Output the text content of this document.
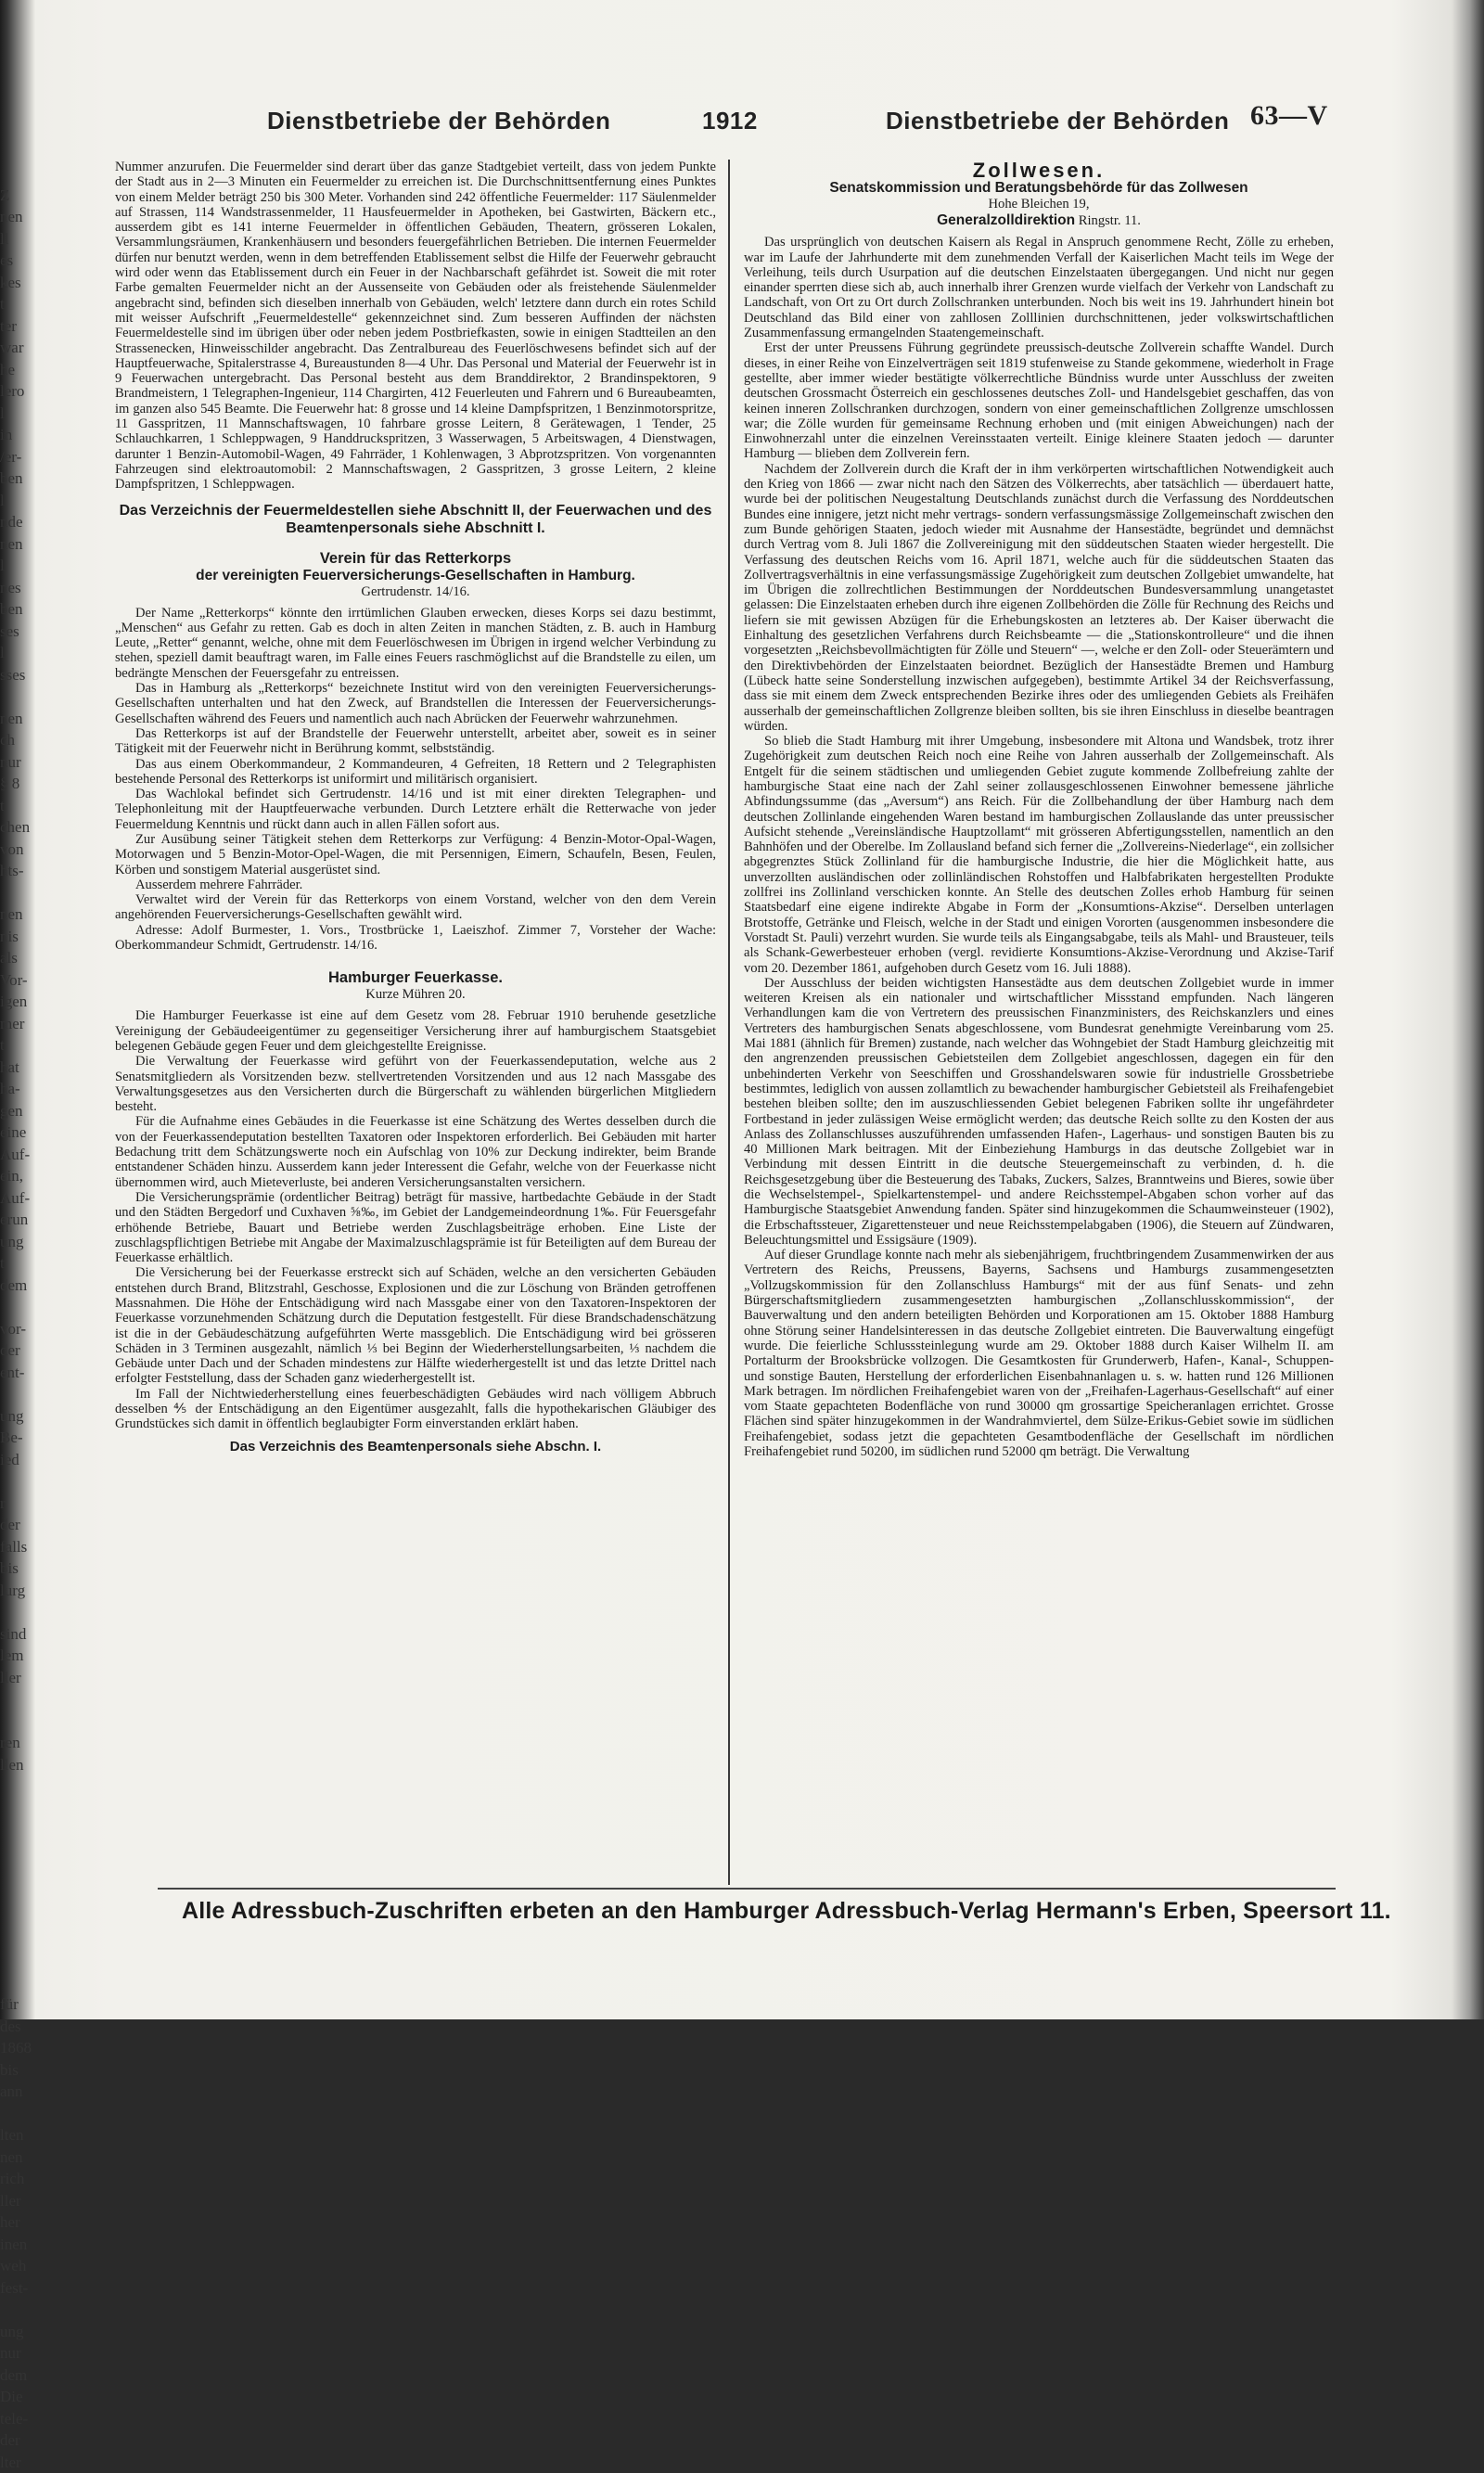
Z
nen
ll
es
kes
t
ter
war
he
lero
l
in
/er-
ben
l
nde
nen
l
nes
ben
ses
l
sses

nen
ch
nur
§ 8
t
chen
von
hts-

nen
nis
als
Vor-
igen
mer
t
hat
ha-
gen
eine
Auf-
ein,
Auf-
erun
ung
t
dem

vor-
der
ent-

ung
Be-
ied

r
der
falls
bis
lurg

sind
lem
ller

ren
llen

für
des
1868
bis
ann

lten
nen
rich
ller
her
inen
weh
fest-

ung
nur
dem
Die
tele-
der
lter
Dienstbetriebe der Behörden	1912	Dienstbetriebe der Behörden 63—V

Nummer anzurufen. Die Feuermelder sind derart über das ganze Stadtgebiet verteilt, dass von jedem Punkte der Stadt aus in 2—3 Minuten ein Feuermelder zu erreichen ist. Die Durchschnittsentfernung eines Punktes von einem Melder beträgt 250 bis 300 Meter. Vorhanden sind 242 öffentliche Feuermelder: 117 Säulenmelder auf Strassen, 114 Wandstrassenmelder, 11 Hausfeuermelder in Apotheken, bei Gastwirten, Bäckern etc., ausserdem gibt es 141 interne Feuermelder in öffentlichen Gebäuden, Theatern, grösseren Lokalen, Versammlungsräumen, Krankenhäusern und besonders feuergefährlichen Betrieben. Die internen Feuermelder dürfen nur benutzt werden, wenn in dem betreffenden Etablissement selbst die Hilfe der Feuerwehr gebraucht wird oder wenn das Etablissement durch ein Feuer in der Nachbarschaft gefährdet ist. Soweit die mit roter Farbe gemalten Feuermelder nicht an der Aussenseite von Gebäuden oder als freistehende Säulenmelder angebracht sind, befinden sich dieselben innerhalb von Gebäuden, welch' letztere dann durch ein rotes Schild mit weisser Aufschrift „Feuermeldestelle“ gekennzeichnet sind. Zum besseren Auffinden der nächsten Feuermeldestelle sind im übrigen über oder neben jedem Postbriefkasten, sowie in einigen Stadtteilen an den Strassenecken, Hinweisschilder angebracht. Das Zentralbureau des Feuerlöschwesens befindet sich auf der Hauptfeuerwache, Spitalerstrasse 4, Bureaustunden 8—4 Uhr. Das Personal und Material der Feuerwehr ist in 9 Feuerwachen untergebracht. Das Personal besteht aus dem Branddirektor, 2 Brandinspektoren, 9 Brandmeistern, 1 Telegraphen-Ingenieur, 114 Chargirten, 412 Feuerleuten und Fahrern und 6 Bureaubeamten, im ganzen also 545 Beamte. Die Feuerwehr hat: 8 grosse und 14 kleine Dampfspritzen, 1 Benzinmotorspritze, 11 Gasspritzen, 11 Mannschaftswagen, 10 fahrbare grosse Leitern, 8 Gerätewagen, 1 Tender, 25 Schlauchkarren, 1 Schleppwagen, 9 Handdruckspritzen, 3 Wasserwagen, 5 Arbeitswagen, 4 Dienstwagen, darunter 1 Benzin-Automobil-Wagen, 49 Fahrräder, 1 Kohlenwagen, 3 Abprotzspritzen. Von vorgenannten Fahrzeugen sind elektroautomobil: 2 Mannschaftswagen, 2 Gasspritzen, 3 grosse Leitern, 2 kleine Dampfspritzen, 1 Schleppwagen.

Das Verzeichnis der Feuermeldestellen siehe Abschnitt II, der Feuerwachen und des Beamtenpersonals siehe Abschnitt I.
Verein für das Retterkorps
der vereinigten Feuerversicherungs-Gesellschaften in Hamburg.
Gertrudenstr. 14/16.

Der Name „Retterkorps“ könnte den irrtümlichen Glauben erwecken, dieses Korps sei dazu bestimmt, „Menschen“ aus Gefahr zu retten. Gab es doch in alten Zeiten in manchen Städten, z. B. auch in Hamburg Leute, „Retter“ genannt, welche, ohne mit dem Feuerlöschwesen im Übrigen in irgend welcher Verbindung zu stehen, speziell damit beauftragt waren, im Falle eines Feuers raschmöglichst auf die Brandstelle zu eilen, um bedrängte Menschen der Feuersgefahr zu entreissen.

Das in Hamburg als „Retterkorps“ bezeichnete Institut wird von den vereinigten Feuerversicherungs-Gesellschaften unterhalten und hat den Zweck, auf Brandstellen die Interessen der Feuerversicherungs-Gesellschaften während des Feuers und namentlich auch nach Abrücken der Feuerwehr wahrzunehmen.

Das Retterkorps ist auf der Brandstelle der Feuerwehr unterstellt, arbeitet aber, soweit es in seiner Tätigkeit mit der Feuerwehr nicht in Berührung kommt, selbstständig.

Das aus einem Oberkommandeur, 2 Kommandeuren, 4 Gefreiten, 18 Rettern und 2 Telegraphisten bestehende Personal des Retterkorps ist uniformirt und militärisch organisiert.

Das Wachlokal befindet sich Gertrudenstr. 14/16 und ist mit einer direkten Telegraphen- und Telephonleitung mit der Hauptfeuerwache verbunden. Durch Letztere erhält die Retterwache von jeder Feuermeldung Kenntnis und rückt dann auch in allen Fällen sofort aus.

Zur Ausübung seiner Tätigkeit stehen dem Retterkorps zur Verfügung: 4 Benzin-Motor-Opal-Wagen, Motorwagen und 5 Benzin-Motor-Opel-Wagen, die mit Persennigen, Eimern, Schaufeln, Besen, Feulen, Körben und sonstigem Material ausgerüstet sind.

Ausserdem mehrere Fahrräder.

Verwaltet wird der Verein für das Retterkorps von einem Vorstand, welcher von den dem Verein angehörenden Feuerversicherungs-Gesellschaften gewählt wird.

Adresse: Adolf Burmester, 1. Vors., Trostbrücke 1, Laeiszhof. Zimmer 7, Vorsteher der Wache: Oberkommandeur Schmidt, Gertrudenstr. 14/16.

Hamburger Feuerkasse.
Kurze Mühren 20.

Die Hamburger Feuerkasse ist eine auf dem Gesetz vom 28. Februar 1910 beruhende gesetzliche Vereinigung der Gebäudeeigentümer zu gegenseitiger Versicherung ihrer auf hamburgischem Staatsgebiet belegenen Gebäude gegen Feuer und dem gleichgestellte Ereignisse.

Die Verwaltung der Feuerkasse wird geführt von der Feuerkassendeputation, welche aus 2 Senatsmitgliedern als Vorsitzenden bezw. stellvertretenden Vorsitzenden und aus 12 nach Massgabe des Verwaltungsgesetzes aus den Versicherten durch die Bürgerschaft zu wählenden bürgerlichen Mitgliedern besteht.

Für die Aufnahme eines Gebäudes in die Feuerkasse ist eine Schätzung des Wertes desselben durch die von der Feuerkassendeputation bestellten Taxatoren oder Inspektoren erforderlich. Bei Gebäuden mit harter Bedachung tritt dem Schätzungswerte noch ein Aufschlag von 10% zur Deckung indirekter, beim Brande entstandener Schäden hinzu. Ausserdem kann jeder Interessent die Gefahr, welche von der Feuerkasse nicht übernommen wird, auch Mieteverluste, bei anderen Versicherungsanstalten versichern.

Die Versicherungsprämie (ordentlicher Beitrag) beträgt für massive, hartbedachte Gebäude in der Stadt und den Städten Bergedorf und Cuxhaven ⅝‰, im Gebiet der Landgemeindeordnung 1‰. Für Feuersgefahr erhöhende Betriebe, Bauart und Betriebe werden Zuschlagsbeiträge erhoben. Eine Liste der zuschlagspflichtigen Betriebe mit Angabe der Maximalzuschlagsprämie ist für Beteiligten auf dem Bureau der Feuerkasse erhältlich.

Die Versicherung bei der Feuerkasse erstreckt sich auf Schäden, welche an den versicherten Gebäuden entstehen durch Brand, Blitzstrahl, Geschosse, Explosionen und die zur Löschung von Bränden getroffenen Massnahmen. Die Höhe der Entschädigung wird nach Massgabe einer von den Taxatoren-Inspektoren der Feuerkasse vorzunehmenden Schätzung durch die Deputation festgestellt. Für diese Brandschadenschätzung ist die in der Gebäudeschätzung aufgeführten Werte massgeblich. Die Entschädigung wird bei grösseren Schäden in 3 Terminen ausgezahlt, nämlich ⅓ bei Beginn der Wiederherstellungsarbeiten, ⅓ nachdem die Gebäude unter Dach und der Schaden mindestens zur Hälfte wiederhergestellt ist und das letzte Drittel nach erfolgter Feststellung, dass der Schaden ganz wiederhergestellt ist.

Im Fall der Nichtwiederherstellung eines feuerbeschädigten Gebäudes wird nach völligem Abbruch desselben ⅘ der Entschädigung an den Eigentümer ausgezahlt, falls die hypothekarischen Gläubiger des Grundstückes sich damit in öffentlich beglaubigter Form einverstanden erklärt haben.

Das Verzeichnis des Beamtenpersonals siehe Abschn. I.
Zollwesen.
Senatskommission und Beratungsbehörde für das Zollwesen
Hohe Bleichen 19,
Generalzolldirektion Ringstr. 11.

Das ursprünglich von deutschen Kaisern als Regal in Anspruch genommene Recht, Zölle zu erheben, war im Laufe der Jahrhunderte mit dem zunehmenden Verfall der Kaiserlichen Macht teils im Wege der Verleihung, teils durch Usurpation auf die deutschen Einzelstaaten übergegangen. Und nicht nur gegen einander sperrten diese sich ab, auch innerhalb ihrer Grenzen wurde vielfach der Verkehr von Landschaft zu Landschaft, von Ort zu Ort durch Zollschranken unterbunden. Noch bis weit ins 19. Jahrhundert hinein bot Deutschland das Bild einer von zahllosen Zolllinien durchschnittenen, jeder volkswirtschaftlichen Zusammenfassung ermangelnden Staatengemeinschaft.

Erst der unter Preussens Führung gegründete preussisch-deutsche Zollverein schaffte Wandel. Durch dieses, in einer Reihe von Einzelverträgen seit 1819 stufenweise zu Stande gekommene, wiederholt in Frage gestellte, aber immer wieder bestätigte völkerrechtliche Bündniss wurde unter Ausschluss der zweiten deutschen Grossmacht Österreich ein geschlossenes deutsches Zoll- und Handelsgebiet geschaffen, das von keinen inneren Zollschranken durchzogen, sondern von einer gemeinschaftlichen Zollgrenze umschlossen war; die Zölle wurden für gemeinsame Rechnung erhoben und (mit einigen Abweichungen) nach der Einwohnerzahl unter die einzelnen Vereinsstaaten verteilt. Einige kleinere Staaten jedoch — darunter Hamburg — blieben dem Zollverein fern.

Nachdem der Zollverein durch die Kraft der in ihm verkörperten wirtschaftlichen Notwendigkeit auch den Krieg von 1866 — zwar nicht nach den Sätzen des Völkerrechts, aber tatsächlich — überdauert hatte, wurde bei der politischen Neugestaltung Deutschlands zunächst durch die Verfassung des Norddeutschen Bundes eine innigere, jetzt nicht mehr vertrags- sondern verfassungsmässige Zollgemeinschaft zwischen den zum Bunde gehörigen Staaten, jedoch wieder mit Ausnahme der Hansestädte, begründet und demnächst durch Vertrag vom 8. Juli 1867 die Zollvereinigung mit den süddeutschen Staaten wieder hergestellt. Die Verfassung des deutschen Reichs vom 16. April 1871, welche auch für die süddeutschen Staaten das Zollvertragsverhältnis in eine verfassungsmässige Zugehörigkeit zum deutschen Zollgebiet umwandelte, hat im Übrigen die zollrechtlichen Bestimmungen der Norddeutschen Bundesversammlung unangetastet gelassen: Die Einzelstaaten erheben durch ihre eigenen Zollbehörden die Zölle für Rechnung des Reichs und liefern sie mit gewissen Abzügen für die Erhebungskosten an letzteres ab. Der Kaiser überwacht die Einhaltung des gesetzlichen Verfahrens durch Reichsbeamte — die „Stationskontrolleure“ und die ihnen vorgesetzten „Reichsbevollmächtigten für Zölle und Steuern“ —, welche er den Zoll- oder Steuerämtern und den Direktivbehörden der Einzelstaaten beiordnet. Bezüglich der Hansestädte Bremen und Hamburg (Lübeck hatte seine Sonderstellung inzwischen aufgegeben), bestimmte Artikel 34 der Reichsverfassung, dass sie mit einem dem Zweck entsprechenden Bezirke ihres oder des umliegenden Gebiets als Freihäfen ausserhalb der gemeinschaftlichen Zollgrenze bleiben sollten, bis sie ihren Einschluss in dieselbe beantragen würden.

So blieb die Stadt Hamburg mit ihrer Umgebung, insbesondere mit Altona und Wandsbek, trotz ihrer Zugehörigkeit zum deutschen Reich noch eine Reihe von Jahren ausserhalb der Zollgemeinschaft. Als Entgelt für die seinem städtischen und umliegenden Gebiet zugute kommende Zollbefreiung zahlte der hamburgische Staat eine nach der Zahl seiner zollausgeschlossenen Einwohner bemessene jährliche Abfindungssumme (das „Aversum“) ans Reich. Für die Zollbehandlung der über Hamburg nach dem deutschen Zollinlande eingehenden Waren bestand im hamburgischen Zollauslande das unter preussischer Aufsicht stehende „Vereinsländische Hauptzollamt“ mit grösseren Abfertigungsstellen, namentlich an den Bahnhöfen und der Oberelbe. Im Zollausland befand sich ferner die „Zollvereins-Niederlage“, ein zollsicher abgegrenztes Stück Zollinland für die hamburgische Industrie, die hier die Möglichkeit hatte, aus unverzollten ausländischen oder zollinländischen Rohstoffen und Halbfabrikaten hergestellten Produkte zollfrei ins Zollinland verschicken konnte. An Stelle des deutschen Zolles erhob Hamburg für seinen Staatsbedarf eine eigene indirekte Abgabe in Form der „Konsumtions-Akzise“. Derselben unterlagen Brotstoffe, Getränke und Fleisch, welche in der Stadt und einigen Vororten (ausgenommen insbesondere die Vorstadt St. Pauli) verzehrt wurden. Sie wurde teils als Eingangsabgabe, teils als Mahl- und Brausteuer, teils als Schank-Gewerbesteuer erhoben (vergl. revidierte Konsumtions-Akzise-Verordnung und Akzise-Tarif vom 20. Dezember 1861, aufgehoben durch Gesetz vom 16. Juli 1888).

Der Ausschluss der beiden wichtigsten Hansestädte aus dem deutschen Zollgebiet wurde in immer weiteren Kreisen als ein nationaler und wirtschaftlicher Missstand empfunden. Nach längeren Verhandlungen kam die von Vertretern des preussischen Finanzministers, des Reichskanzlers und eines Vertreters des hamburgischen Senats abgeschlossene, vom Bundesrat genehmigte Vereinbarung vom 25. Mai 1881 (ähnlich für Bremen) zustande, nach welcher das Wohngebiet der Stadt Hamburg gleichzeitig mit den angrenzenden preussischen Gebietsteilen dem Zollgebiet angeschlossen, dagegen ein für den unbehinderten Verkehr von Seeschiffen und Grosshandelswaren sowie für industrielle Grossbetriebe bestimmtes, lediglich von aussen zollamtlich zu bewachender hamburgischer Gebietsteil als Freihafengebiet bestehen bleiben sollte; den im auszuschliessenden Gebiet belegenen Fabriken sollte ihr ungefährdeter Fortbestand in jeder zulässigen Weise ermöglicht werden; das deutsche Reich sollte zu den Kosten der aus Anlass des Zollanschlusses auszuführenden umfassenden Hafen-, Lagerhaus- und sonstigen Bauten bis zu 40 Millionen Mark beitragen. Mit der Einbeziehung Hamburgs in das deutsche Zollgebiet war in Verbindung mit dessen Eintritt in die deutsche Steuergemeinschaft zu verbinden, d. h. die Reichsgesetzgebung über die Besteuerung des Tabaks, Zuckers, Salzes, Branntweins und Bieres, sowie über die Wechselstempel-, Spielkartenstempel- und andere Reichsstempel-Abgaben schon vorher auf das Hamburgische Staatsgebiet Anwendung fanden. Später sind hinzugekommen die Schaumweinsteuer (1902), die Erbschaftssteuer, Zigarettensteuer und neue Reichsstempelabgaben (1906), die Steuern auf Zündwaren, Beleuchtungsmittel und Essigsäure (1909).

Auf dieser Grundlage konnte nach mehr als siebenjährigem, fruchtbringendem Zusammenwirken der aus Vertretern des Reichs, Preussens, Bayerns, Sachsens und Hamburgs zusammengesetzten „Vollzugskommission für den Zollanschluss Hamburgs“ mit der aus fünf Senats- und zehn Bürgerschaftsmitgliedern zusammengesetzten hamburgischen „Zollanschlusskommission“, der Bauverwaltung und den andern beteiligten Behörden und Korporationen am 15. Oktober 1888 Hamburg ohne Störung seiner Handelsinteressen in das deutsche Zollgebiet eintreten. Die Bauverwaltung eingefügt wurde. Die feierliche Schlusssteinlegung wurde am 29. Oktober 1888 durch Kaiser Wilhelm II. am Portalturm der Brooksbrücke vollzogen. Die Gesamtkosten für Grunderwerb, Hafen-, Kanal-, Schuppen- und sonstige Bauten, Herstellung der erforderlichen Eisenbahnanlagen u. s. w. hatten rund 126 Millionen Mark betragen. Im nördlichen Freihafengebiet waren von der „Freihafen-Lagerhaus-Gesellschaft“ auf einer vom Staate gepachteten Bodenfläche von rund 30000 qm grossartige Speicheranlagen errichtet. Grosse Flächen sind später hinzugekommen in der Wandrahmviertel, dem Sülze-Erikus-Gebiet sowie im südlichen Freihafengebiet, sodass jetzt die gepachteten Gesamtbodenfläche der Gesellschaft im nördlichen Freihafengebiet rund 50200, im südlichen rund 52000 qm beträgt. Die Verwaltung

Alle Adressbuch-Zuschriften erbeten an den Hamburger Adressbuch-Verlag Hermann's Erben, Speersort 11.
